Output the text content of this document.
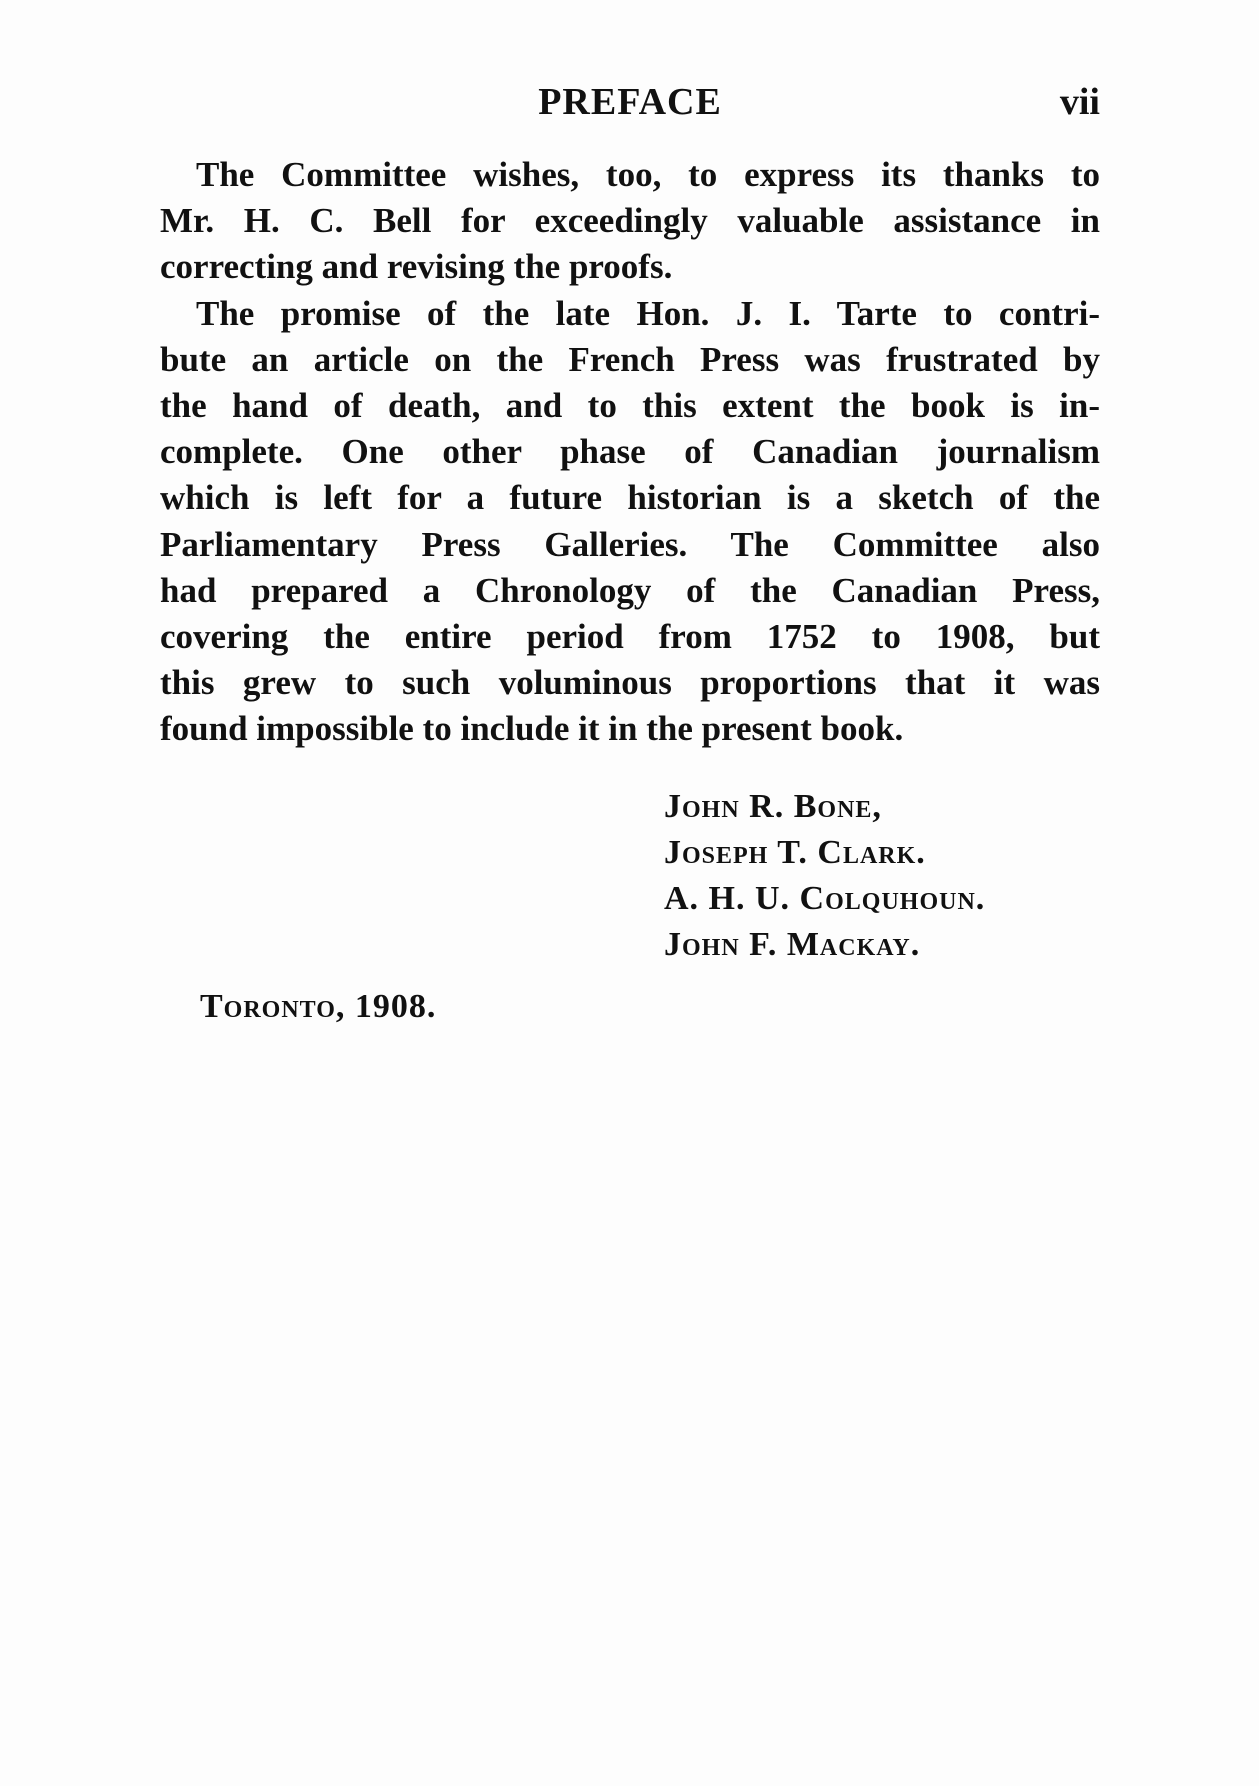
PREFACE	vii
The Committee wishes, too, to express its thanks to
Mr. H. C. Bell for exceedingly valuable assistance in
correcting and revising the proofs.
The promise of the late Hon. J. I. Tarte to contri-
bute an article on the French Press was frustrated by
the hand of death, and to this extent the book is in-
complete. One other phase of Canadian journalism
which is left for a future historian is a sketch of the
Parliamentary Press Galleries. The Committee also
had prepared a Chronology of the Canadian Press,
covering the entire period from 1752 to 1908, but
this grew to such voluminous proportions that it was
found impossible to include it in the present book.
John R. Bone,
Joseph T. Clark.
A. H. U. Colquhoun.
John F. Mackay.
Toronto, 1908.
